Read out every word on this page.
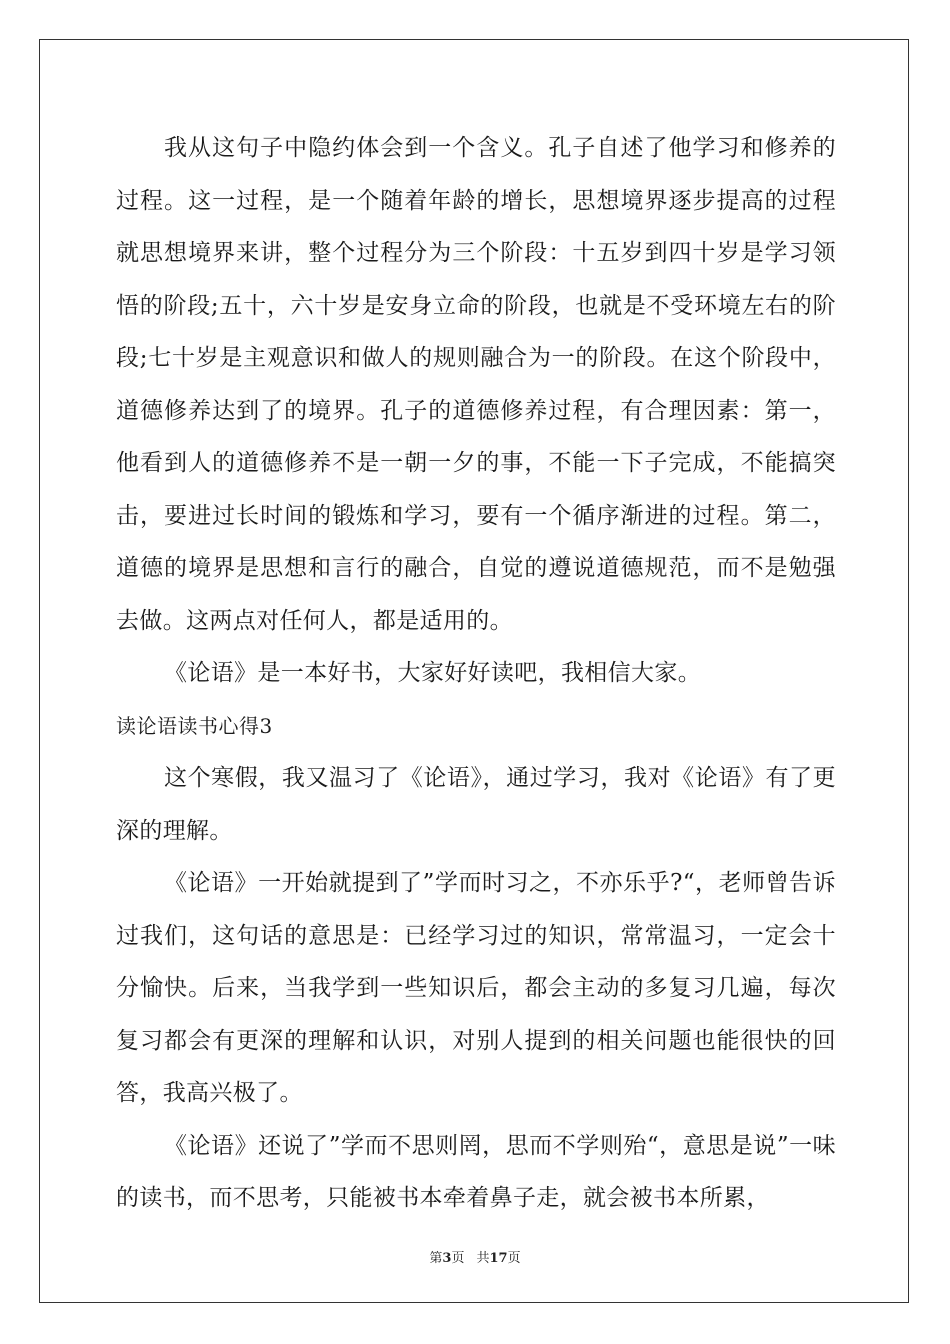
我从这句子中隐约体会到一个含义。孔子自述了他学习和修养的过程。这一过程，是一个随着年龄的增长，思想境界逐步提高的过程就思想境界来讲，整个过程分为三个阶段：十五岁到四十岁是学习领悟的阶段;五十，六十岁是安身立命的阶段，也就是不受环境左右的阶段;七十岁是主观意识和做人的规则融合为一的阶段。在这个阶段中，道德修养达到了的境界。孔子的道德修养过程，有合理因素：第一，他看到人的道德修养不是一朝一夕的事，不能一下子完成，不能搞突击，要进过长时间的锻炼和学习，要有一个循序渐进的过程。第二，道德的境界是思想和言行的融合，自觉的遵说道德规范，而不是勉强去做。这两点对任何人，都是适用的。

《论语》是一本好书，大家好好读吧，我相信大家。

读论语读书心得3

这个寒假，我又温习了《论语》，通过学习，我对《论语》有了更深的理解。

《论语》一开始就提到了”学而时习之，不亦乐乎?“，老师曾告诉过我们，这句话的意思是：已经学习过的知识，常常温习，一定会十分愉快。后来，当我学到一些知识后，都会主动的多复习几遍，每次复习都会有更深的理解和认识，对别人提到的相关问题也能很快的回答，我高兴极了。

《论语》还说了”学而不思则罔，思而不学则殆“，意思是说”一味的读书，而不思考，只能被书本牵着鼻子走，就会被书本所累，

第3页 共17页
